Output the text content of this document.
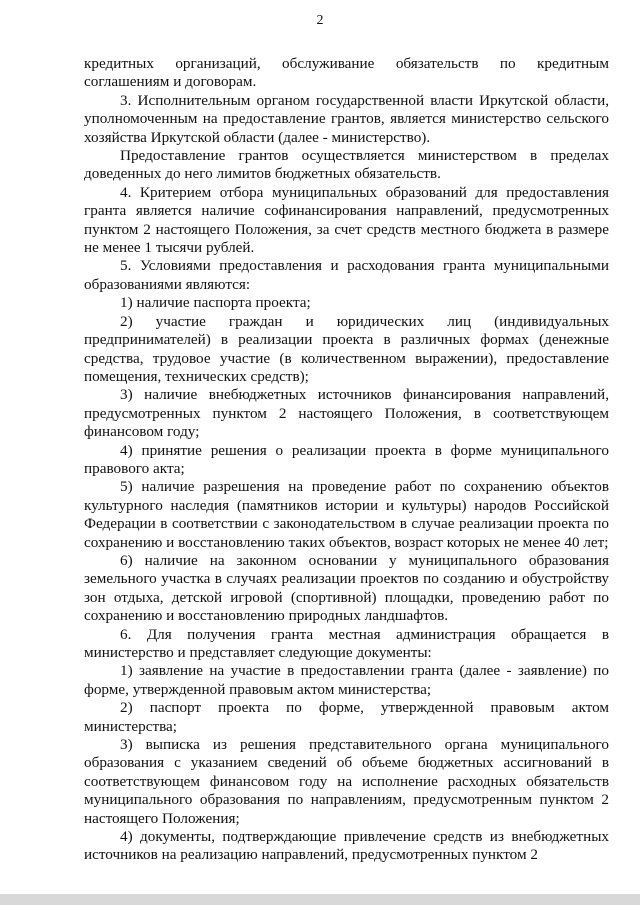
2

кредитных организаций, обслуживание обязательств по кредитным соглашениям и договорам.

3. Исполнительным органом государственной власти Иркутской области, уполномоченным на предоставление грантов, является министерство сельского хозяйства Иркутской области (далее - министерство).

Предоставление грантов осуществляется министерством в пределах доведенных до него лимитов бюджетных обязательств.

4. Критерием отбора муниципальных образований для предоставления гранта является наличие софинансирования направлений, предусмотренных пунктом 2 настоящего Положения, за счет средств местного бюджета в размере не менее 1 тысячи рублей.

5. Условиями предоставления и расходования гранта муниципальными образованиями являются:

1) наличие паспорта проекта;

2) участие граждан и юридических лиц (индивидуальных предпринимателей) в реализации проекта в различных формах (денежные средства, трудовое участие (в количественном выражении), предоставление помещения, технических средств);

3) наличие внебюджетных источников финансирования направлений, предусмотренных пунктом 2 настоящего Положения, в соответствующем финансовом году;

4) принятие решения о реализации проекта в форме муниципального правового акта;

5) наличие разрешения на проведение работ по сохранению объектов культурного наследия (памятников истории и культуры) народов Российской Федерации в соответствии с законодательством в случае реализации проекта по сохранению и восстановлению таких объектов, возраст которых не менее 40 лет;

6) наличие на законном основании у муниципального образования земельного участка в случаях реализации проектов по созданию и обустройству зон отдыха, детской игровой (спортивной) площадки, проведению работ по сохранению и восстановлению природных ландшафтов.

6. Для получения гранта местная администрация обращается в министерство и представляет следующие документы:

1) заявление на участие в предоставлении гранта (далее - заявление) по форме, утвержденной правовым актом министерства;

2) паспорт проекта по форме, утвержденной правовым актом министерства;

3) выписка из решения представительного органа муниципального образования с указанием сведений об объеме бюджетных ассигнований в соответствующем финансовом году на исполнение расходных обязательств муниципального образования по направлениям, предусмотренным пунктом 2 настоящего Положения;

4) документы, подтверждающие привлечение средств из внебюджетных источников на реализацию направлений, предусмотренных пунктом 2
